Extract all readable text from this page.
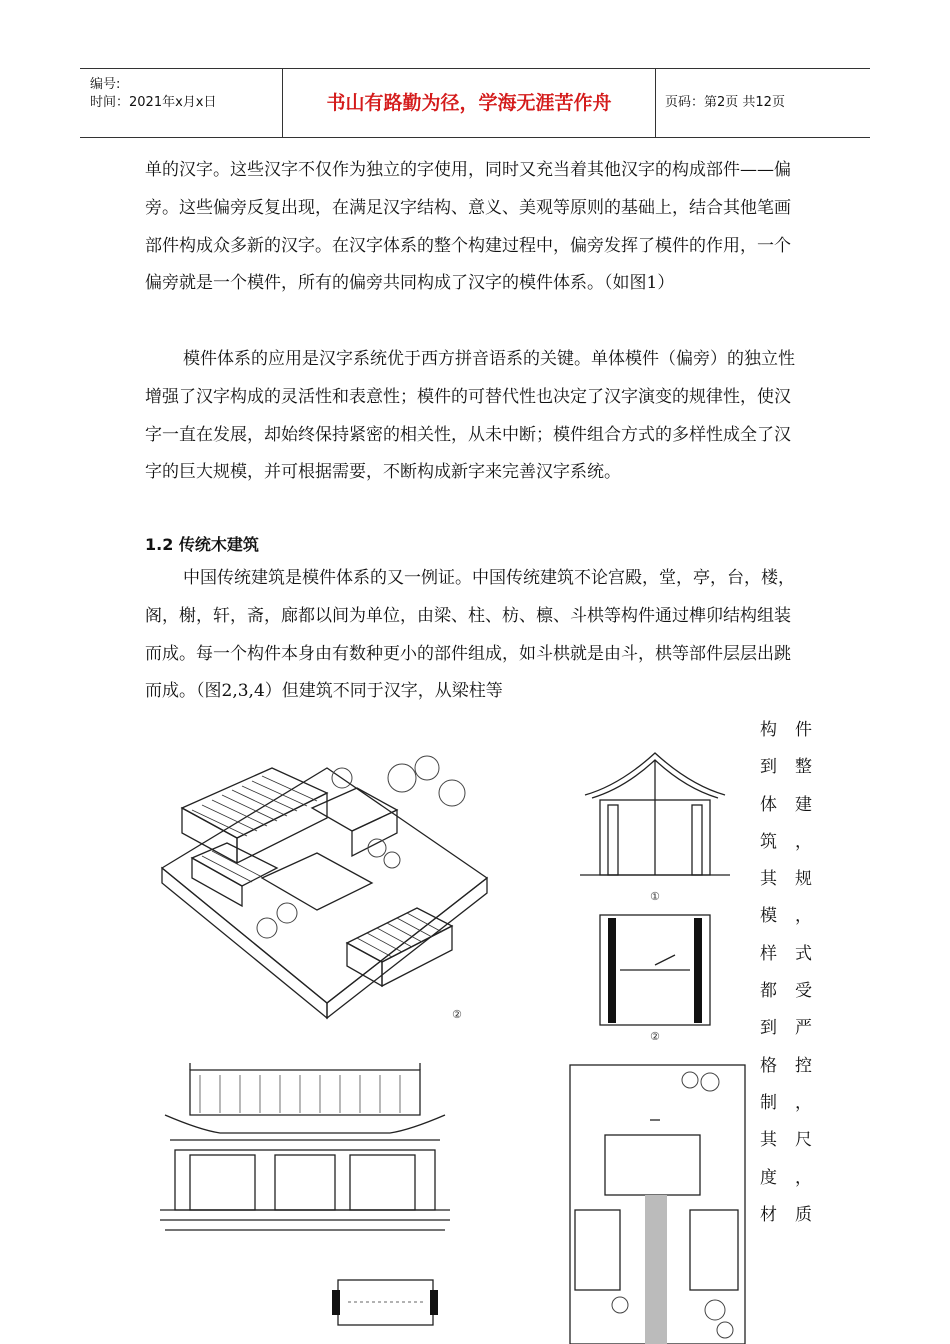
编号:
时间：2021年x月x日	书山有路勤为径，学海无涯苦作舟	页码：第2页 共12页

单的汉字。这些汉字不仅作为独立的字使用，同时又充当着其他汉字的构成部件——偏旁。这些偏旁反复出现，在满足汉字结构、意义、美观等原则的基础上，结合其他笔画部件构成众多新的汉字。在汉字体系的整个构建过程中，偏旁发挥了模件的作用，一个偏旁就是一个模件，所有的偏旁共同构成了汉字的模件体系。（如图1）

模件体系的应用是汉字系统优于西方拼音语系的关键。单体模件（偏旁）的独立性增强了汉字构成的灵活性和表意性；模件的可替代性也决定了汉字演变的规律性，使汉字一直在发展，却始终保持紧密的相关性，从未中断；模件组合方式的多样性成全了汉字的巨大规模，并可根据需要，不断构成新字来完善汉字系统。

1.2 传统木建筑

中国传统建筑是模件体系的又一例证。中国传统建筑不论宫殿，堂，亭，台，楼，阁，榭，轩，斋，廊都以间为单位，由梁、柱、枋、檩、斗栱等构件通过榫卯结构组装而成。每一个构件本身由有数种更小的部件组成，如斗栱就是由斗，栱等部件层层出跳而成。（图2,3,4）但建筑不同于汉字，从梁柱等

构 件
到 整
体 建
筑 ，
其 规
模 ，
样 式
都 受
到 严
格 控
制 ，
其 尺
度 ，
材 质
②
①
②
